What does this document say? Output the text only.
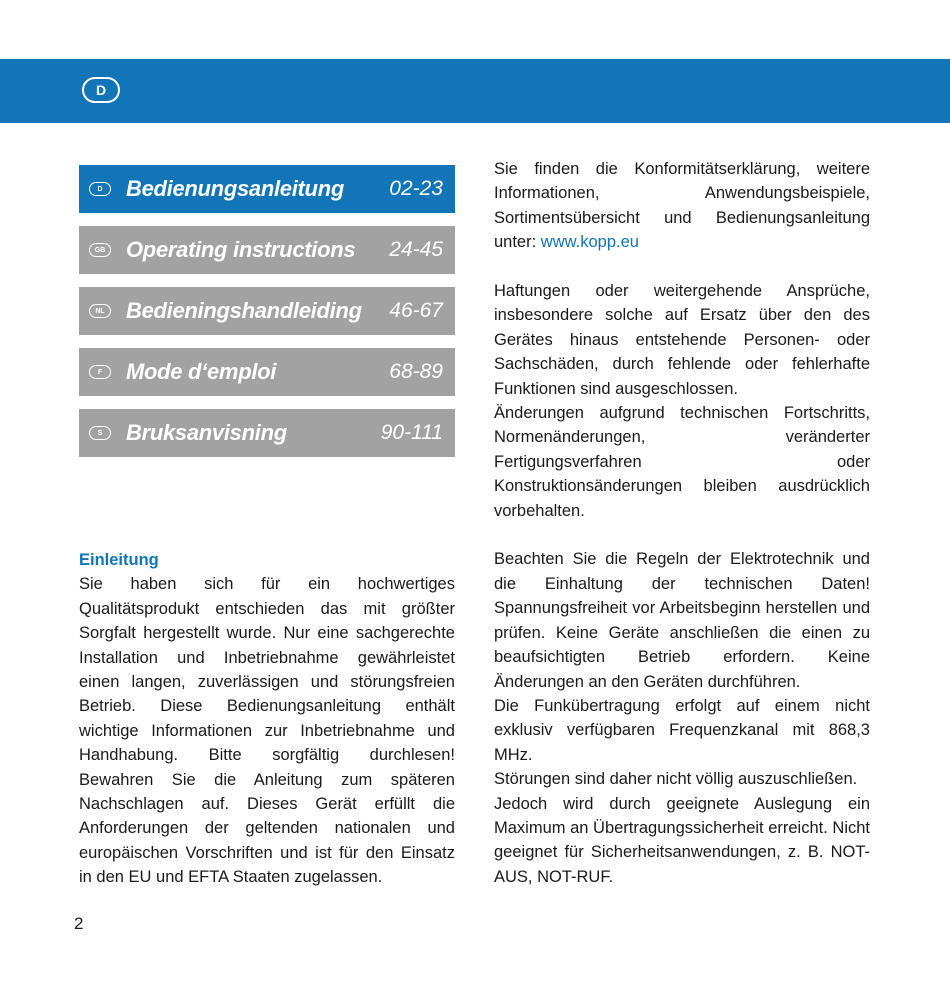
D
D	Bedienungsanleitung	02-23
GB Operating instructions	24-45
NL Bedieningshandleiding	46-67
F	Mode d‘emploi	68-89
S	Bruksanvisning	90-111

Einleitung

Sie haben sich für ein hochwertiges Qualitätsprodukt entschieden das mit größter Sorgfalt hergestellt wurde. Nur eine sachgerechte Installation und Inbetriebnahme gewährleistet einen langen, zuverlässigen und störungsfreien Betrieb. Diese Bedienungsanleitung enthält wichtige Informationen zur Inbetriebnahme und Handhabung. Bitte sorgfältig durchlesen! Bewahren Sie die Anleitung zum späteren Nachschlagen auf. Dieses Gerät erfüllt die Anforderungen der geltenden nationalen und europäischen Vorschriften und ist für den Einsatz in den EU und EFTA Staaten zugelassen.

Sie finden die Konformitätserklärung, weitere Informationen, Anwendungsbeispiele, Sortimentsübersicht und Bedienungsanleitung unter: www.kopp.eu

Haftungen oder weitergehende Ansprüche, insbesondere solche auf Ersatz über den des Gerätes hinaus entstehende Personen- oder Sachschäden, durch fehlende oder fehlerhafte Funktionen sind ausgeschlossen.

Änderungen aufgrund technischen Fortschritts, Normenänderungen, veränderter Fertigungsverfahren oder Konstruktionsänderungen bleiben ausdrücklich vorbehalten.

Beachten Sie die Regeln der Elektrotechnik und die Einhaltung der technischen Daten! Spannungsfreiheit vor Arbeitsbeginn herstellen und prüfen. Keine Geräte anschließen die einen zu beaufsichtigten Betrieb erfordern. Keine Änderungen an den Geräten durchführen.

Die Funkübertragung erfolgt auf einem nicht exklusiv verfügbaren Frequenzkanal mit 868,3 MHz.

Störungen sind daher nicht völlig auszuschließen.

Jedoch wird durch geeignete Auslegung ein Maximum an Übertragungssicherheit erreicht. Nicht geeignet für Sicherheitsanwendungen, z. B. NOT-AUS, NOT-RUF.

2
